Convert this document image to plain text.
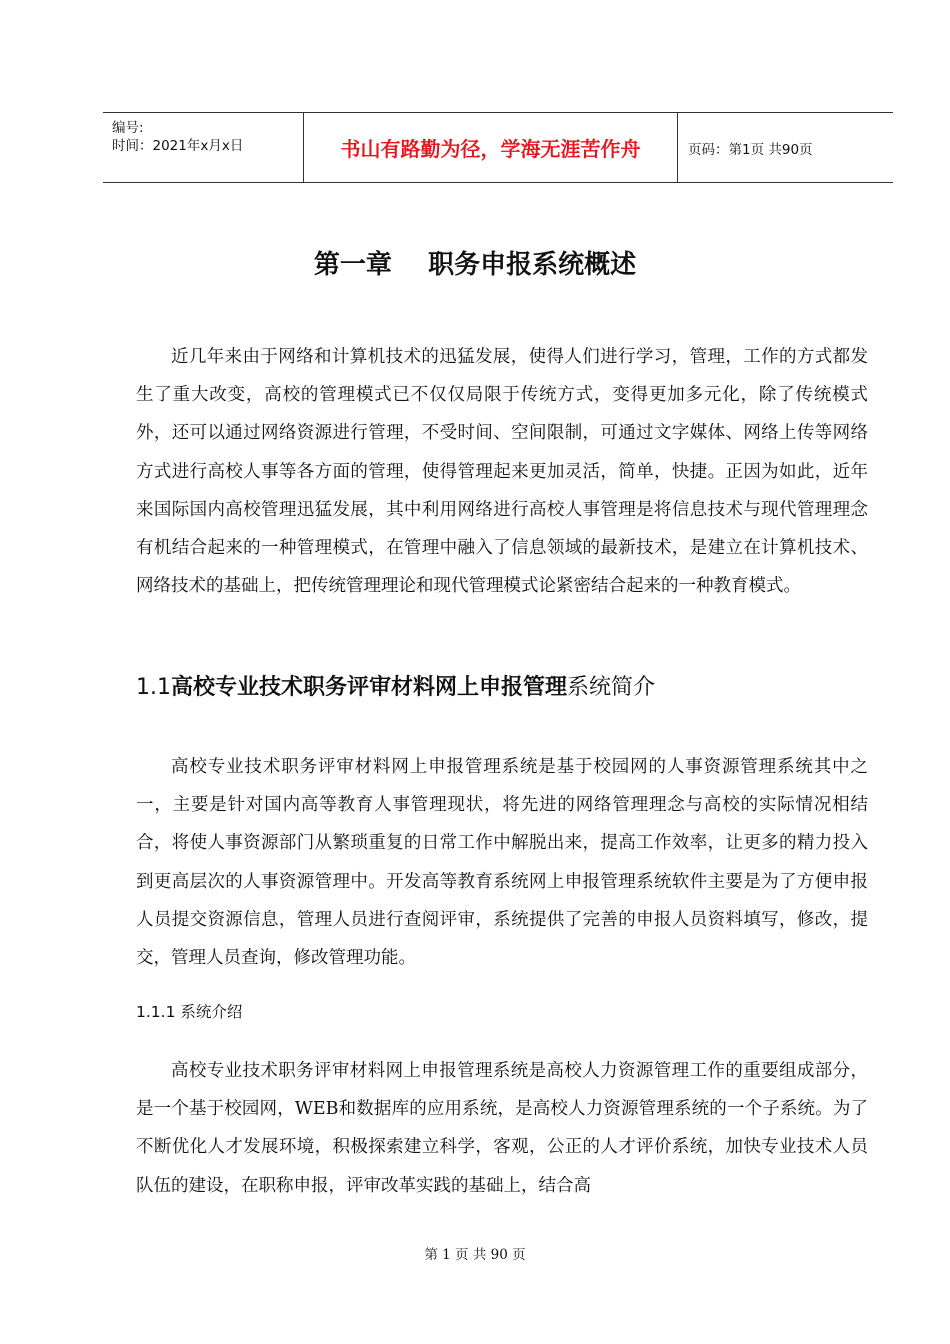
编号:
时间：2021年x月x日	书山有路勤为径，学海无涯苦作舟	页码：第1页 共90页
第一章    职务申报系统概述

近几年来由于网络和计算机技术的迅猛发展，使得人们进行学习，管理，工作的方式都发生了重大改变，高校的管理模式已不仅仅局限于传统方式，变得更加多元化，除了传统模式外，还可以通过网络资源进行管理，不受时间、空间限制，可通过文字媒体、网络上传等网络方式进行高校人事等各方面的管理，使得管理起来更加灵活，简单，快捷。正因为如此，近年来国际国内高校管理迅猛发展，其中利用网络进行高校人事管理是将信息技术与现代管理理念有机结合起来的一种管理模式，在管理中融入了信息领域的最新技术，是建立在计算机技术、网络技术的基础上，把传统管理理论和现代管理模式论紧密结合起来的一种教育模式。

1.1高校专业技术职务评审材料网上申报管理系统简介

高校专业技术职务评审材料网上申报管理系统是基于校园网的人事资源管理系统其中之一，主要是针对国内高等教育人事管理现状，将先进的网络管理理念与高校的实际情况相结合，将使人事资源部门从繁琐重复的日常工作中解脱出来，提高工作效率，让更多的精力投入到更高层次的人事资源管理中。开发高等教育系统网上申报管理系统软件主要是为了方便申报人员提交资源信息，管理人员进行查阅评审，系统提供了完善的申报人员资料填写，修改，提交，管理人员查询，修改管理功能。

1.1.1 系统介绍

高校专业技术职务评审材料网上申报管理系统是高校人力资源管理工作的重要组成部分，是一个基于校园网，WEB和数据库的应用系统，是高校人力资源管理系统的一个子系统。为了不断优化人才发展环境，积极探索建立科学，客观，公正的人才评价系统，加快专业技术人员队伍的建设，在职称申报，评审改革实践的基础上，结合高

第 1 页 共 90 页
